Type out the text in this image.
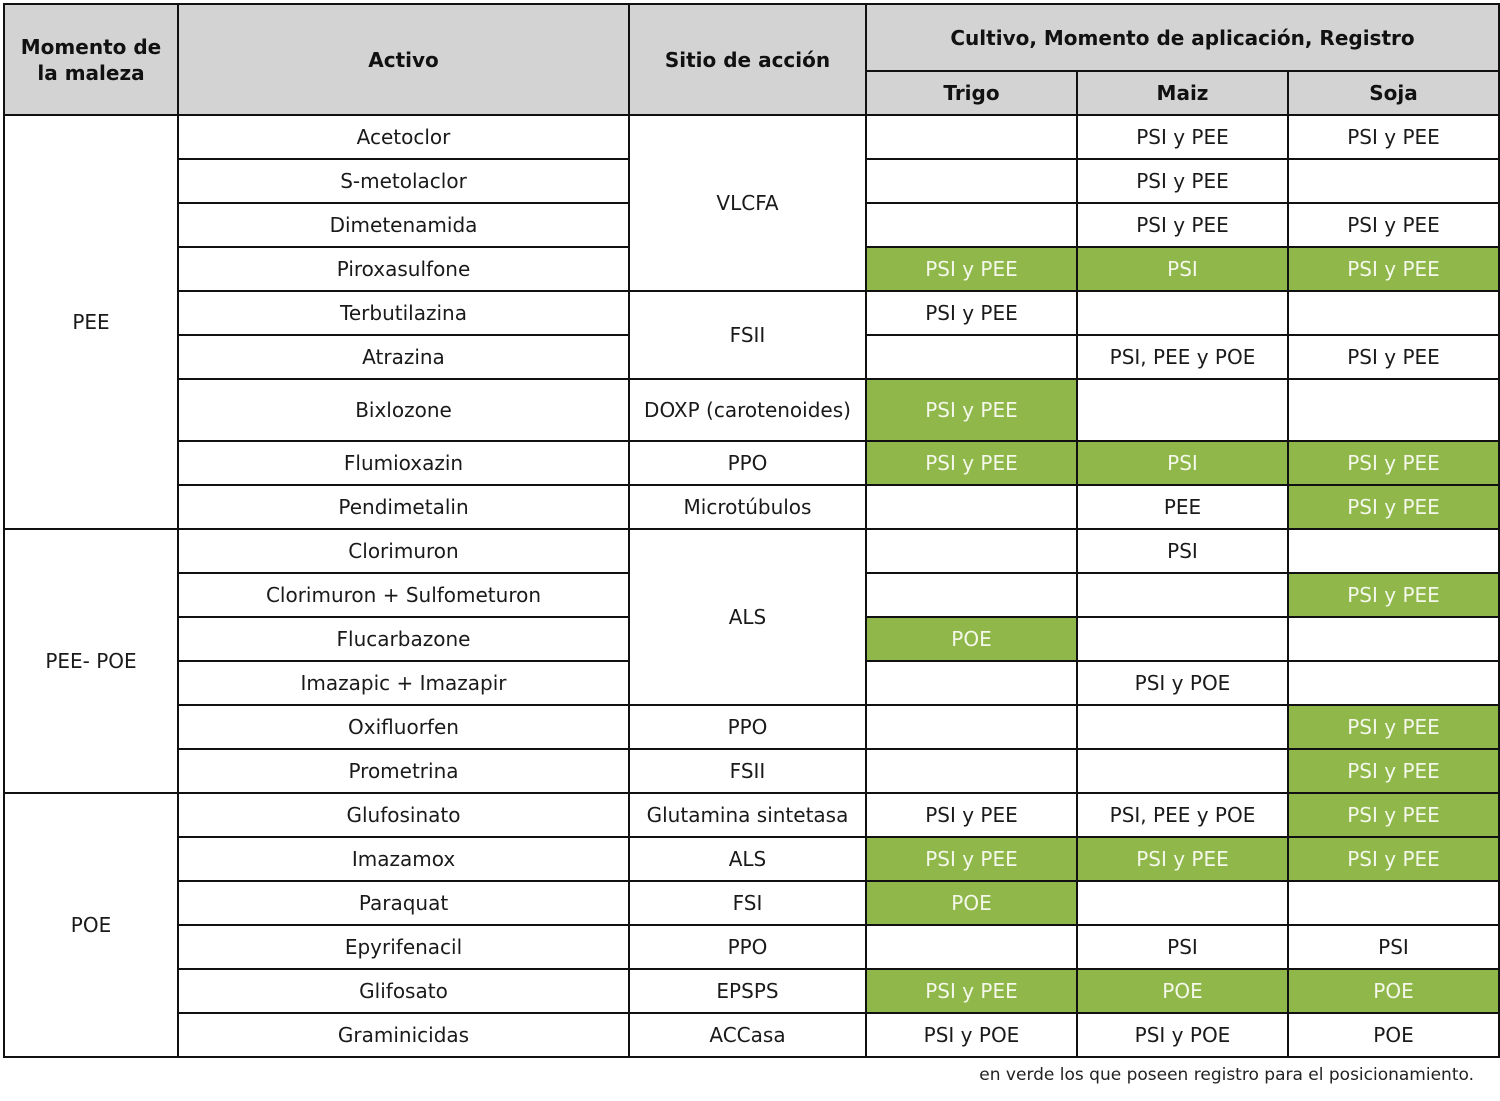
Momento de la maleza	Activo	Sitio de acción	Cultivo, Momento de aplicación, Registro		
			Trigo	Maiz	Soja
PEE	Acetoclor	VLCFA		PSI y PEE	PSI y PEE
	S-metolaclor			PSI y PEE	
	Dimetenamida			PSI y PEE	PSI y PEE
	Piroxasulfone		PSI y PEE	PSI	PSI y PEE
	Terbutilazina	FSII	PSI y PEE		
	Atrazina			PSI, PEE y POE	PSI y PEE
	Bixlozone	DOXP (carotenoides)	PSI y PEE		
	Flumioxazin	PPO	PSI y PEE	PSI	PSI y PEE
	Pendimetalin	Microtúbulos		PEE	PSI y PEE
PEE- POE	Clorimuron	ALS		PSI	
	Clorimuron + Sulfometuron				PSI y PEE
	Flucarbazone		POE		
	Imazapic + Imazapir			PSI y POE	
	Oxifluorfen	PPO			PSI y PEE
	Prometrina	FSII			PSI y PEE
POE	Glufosinato	Glutamina sintetasa	PSI y PEE	PSI, PEE y POE	PSI y PEE
	Imazamox	ALS	PSI y PEE	PSI y PEE	PSI y PEE
	Paraquat	FSI	POE		
	Epyrifenacil	PPO		PSI	PSI
	Glifosato	EPSPS	PSI y PEE	POE	POE
	Graminicidas	ACCasa	PSI y POE	PSI y POE	POE
en verde los que poseen registro para el posicionamiento.
